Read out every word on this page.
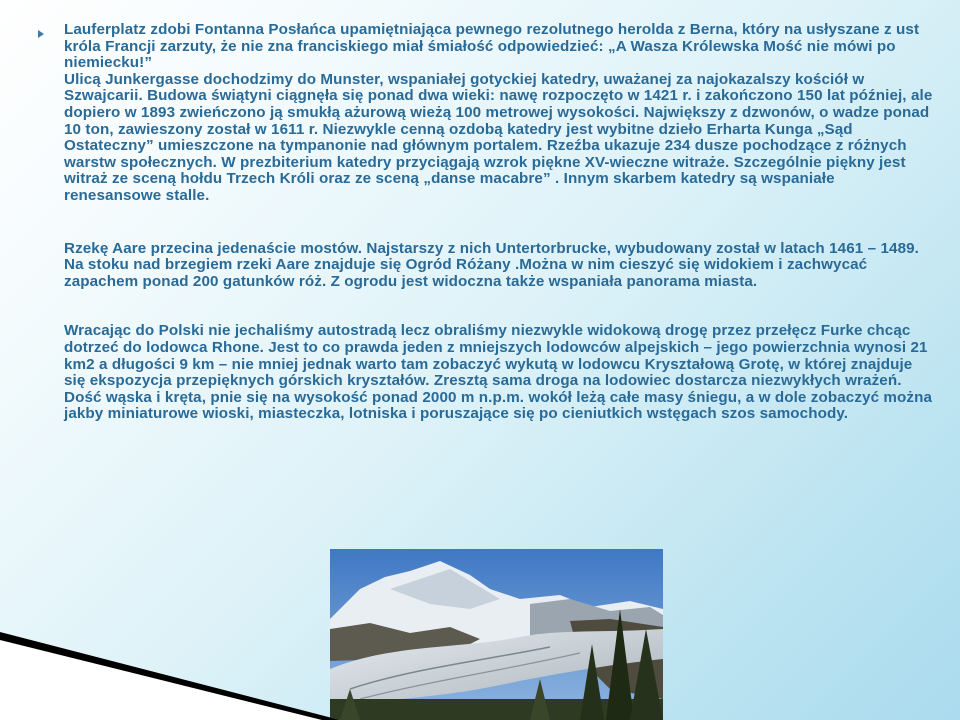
Lauferplatz zdobi Fontanna Posłańca upamiętniająca pewnego rezolutnego herolda z Berna, który na usłyszane z ust króla Francji zarzuty, że nie zna franciskiego miał śmiałość odpowiedzieć: „A Wasza Królewska Mość nie mówi po niemiecku!”

Ulicą Junkergasse dochodzimy do Munster, wspaniałej gotyckiej katedry, uważanej za najokazalszy kościół w Szwajcarii. Budowa świątyni ciągnęła się ponad dwa wieki: nawę rozpoczęto w 1421 r. i zakończono 150 lat później, ale dopiero w 1893 zwieńczono ją smukłą ażurową wieżą 100 metrowej wysokości. Największy z dzwonów, o wadze ponad 10 ton, zawieszony został w 1611 r. Niezwykle cenną ozdobą katedry jest wybitne dzieło Erharta Kunga „Sąd Ostateczny” umieszczone na tympanonie nad głównym portalem. Rzeźba ukazuje 234 dusze pochodzące z różnych warstw społecznych. W prezbiterium katedry przyciągają wzrok piękne XV-wieczne witraże. Szczególnie piękny jest witraż ze sceną hołdu Trzech Króli oraz ze sceną „danse macabre” . Innym skarbem katedry są wspaniałe renesansowe stalle.

Rzekę Aare przecina jedenaście mostów. Najstarszy z nich Untertorbrucke, wybudowany został w latach 1461 – 1489. Na stoku nad brzegiem rzeki Aare znajduje się Ogród Różany .Można w nim cieszyć się widokiem i zachwycać zapachem ponad 200 gatunków róż. Z ogrodu jest widoczna także wspaniała panorama miasta.

Wracając do Polski nie jechaliśmy autostradą lecz obraliśmy niezwykle widokową drogę przez przełęcz Furke chcąc dotrzeć do lodowca Rhone. Jest to co prawda jeden z mniejszych lodowców alpejskich – jego powierzchnia wynosi 21 km2 a długości 9 km – nie mniej jednak warto tam zobaczyć wykutą w lodowcu Kryształową Grotę, w której znajduje się ekspozycja przepięknych górskich kryształów. Zresztą sama droga na lodowiec dostarcza niezwykłych wrażeń. Dość wąska i kręta, pnie się na wysokość ponad 2000 m n.p.m. wokół leżą całe masy śniegu, a w dole zobaczyć można jakby miniaturowe wioski, miasteczka, lotniska i poruszające się po cieniutkich wstęgach szos samochody.
